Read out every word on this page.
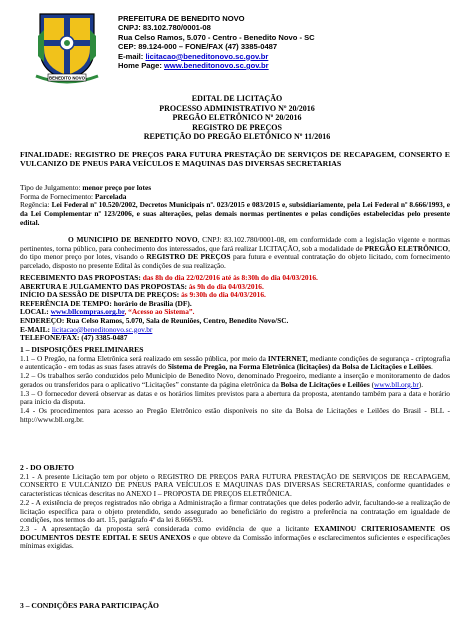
BENEDITO NOVO
PREFEITURA DE BENEDITO NOVO
CNPJ: 83.102.780/0001-08
Rua Celso Ramos, 5.070 - Centro - Benedito Novo - SC
CEP: 89.124-000 – FONE/FAX (47) 3385-0487
E-mail: licitacao@beneditonovo.sc.gov.br
Home Page: www.beneditonovo.sc.gov.br
EDITAL DE LICITAÇÃO
PROCESSO ADMINISTRATIVO Nº 20/2016
PREGÃO ELETRÔNICO Nº 20/2016
REGISTRO DE PREÇOS
REPETIÇÃO DO PREGÃO ELETÔNICO Nº 11/2016
FINALIDADE: REGISTRO DE PREÇOS PARA FUTURA PRESTAÇÃO DE SERVIÇOS DE RECAPAGEM, CONSERTO E VULCANIZO DE PNEUS PARA VEÍCULOS E MAQUINAS DAS DIVERSAS SECRETARIAS
Tipo de Julgamento: menor preço por lotes
Forma de Fornecimento: Parcelada
Regência: Lei Federal nº 10.520/2002, Decretos Municipais nº. 023/2015 e 083/2015 e, subsidiariamente, pela Lei Federal nº 8.666/1993, e da Lei Complementar nº 123/2006, e suas alterações, pelas demais normas pertinentes e pelas condições estabelecidas pelo presente edital.
O MUNICIPIO DE BENEDITO NOVO, CNPJ: 83.102.780/0001-08, em conformidade com a legislação vigente e normas pertinentes, torna público, para conhecimento dos interessados, que fará realizar LICITAÇÃO, sob a modalidade de PREGÃO ELETRÔNICO, do tipo menor preço por lotes, visando o REGISTRO DE PREÇOS para futura e eventual contratação do objeto licitado, com fornecimento parcelado, disposto no presente Edital às condições de sua realização.
RECEBIMENTO DAS PROPOSTAS: das 8h do dia 22/02/2016 até às 8:30h do dia 04/03/2016.
ABERTURA E JULGAMENTO DAS PROPOSTAS: às 9h do dia 04/03/2016.
INÍCIO DA SESSÃO DE DISPUTA DE PREÇOS: às 9:30h do dia 04/03/2016.
REFERÊNCIA DE TEMPO: horário de Brasília (DF).
LOCAL: www.bllcompras.org.br, “Acesso ao Sistema”.
ENDEREÇO: Rua Celso Ramos, 5.070, Sala de Reuniões, Centro, Benedito Novo/SC.
E-MAIL: licitacao@beneditonovo.sc.gov.br
TELEFONE/FAX: (47) 3385-0487
1 – DISPOSIÇÕES PRELIMINARES
1.1 – O Pregão, na forma Eletrônica será realizado em sessão pública, por meio da INTERNET, mediante condições de segurança - criptografia e autenticação - em todas as suas fases através do Sistema de Pregão, na Forma Eletrônica (licitações) da Bolsa de Licitações e Leilões.
1.2 – Os trabalhos serão conduzidos pelo Município de Benedito Novo, denominado Pregoeiro, mediante a inserção e monitoramento de dados gerados ou transferidos para o aplicativo “Licitações” constante da página eletrônica da Bolsa de Licitações e Leilões (www.bll.org.br).
1.3 – O fornecedor deverá observar as datas e os horários limites previstos para a abertura da proposta, atentando também para a data e horário para início da disputa.
1.4 - Os procedimentos para acesso ao Pregão Eletrônico estão disponíveis no site da Bolsa de Licitações e Leilões do Brasil - BLL - http://www.bll.org.br.
2 - DO OBJETO
2.1 - A presente Licitação tem por objeto o REGISTRO DE PREÇOS PARA FUTURA PRESTAÇÃO DE SERVIÇOS DE RECAPAGEM, CONSERTO E VULCANIZO DE PNEUS PARA VEÍCULOS E MAQUINAS DAS DIVERSAS SECRETARIAS, conforme quantidades e características técnicas descritas no ANEXO I – PROPOSTA DE PREÇOS ELETRÔNICA.
2.2 - A existência de preços registrados não obriga a Administração a firmar contratações que deles poderão advir, facultando-se a realização de licitação específica para o objeto pretendido, sendo assegurado ao beneficiário do registro a preferência na contratação em igualdade de condições, nos termos do art. 15, parágrafo 4º da lei 8.666/93.
2.3 - A apresentação da proposta será considerada como evidência de que a licitante EXAMINOU CRITERIOSAMENTE OS DOCUMENTOS DESTE EDITAL E SEUS ANEXOS e que obteve da Comissão informações e esclarecimentos suficientes e especificações mínimas exigidas.
3 – CONDIÇÕES PARA PARTICIPAÇÃO
